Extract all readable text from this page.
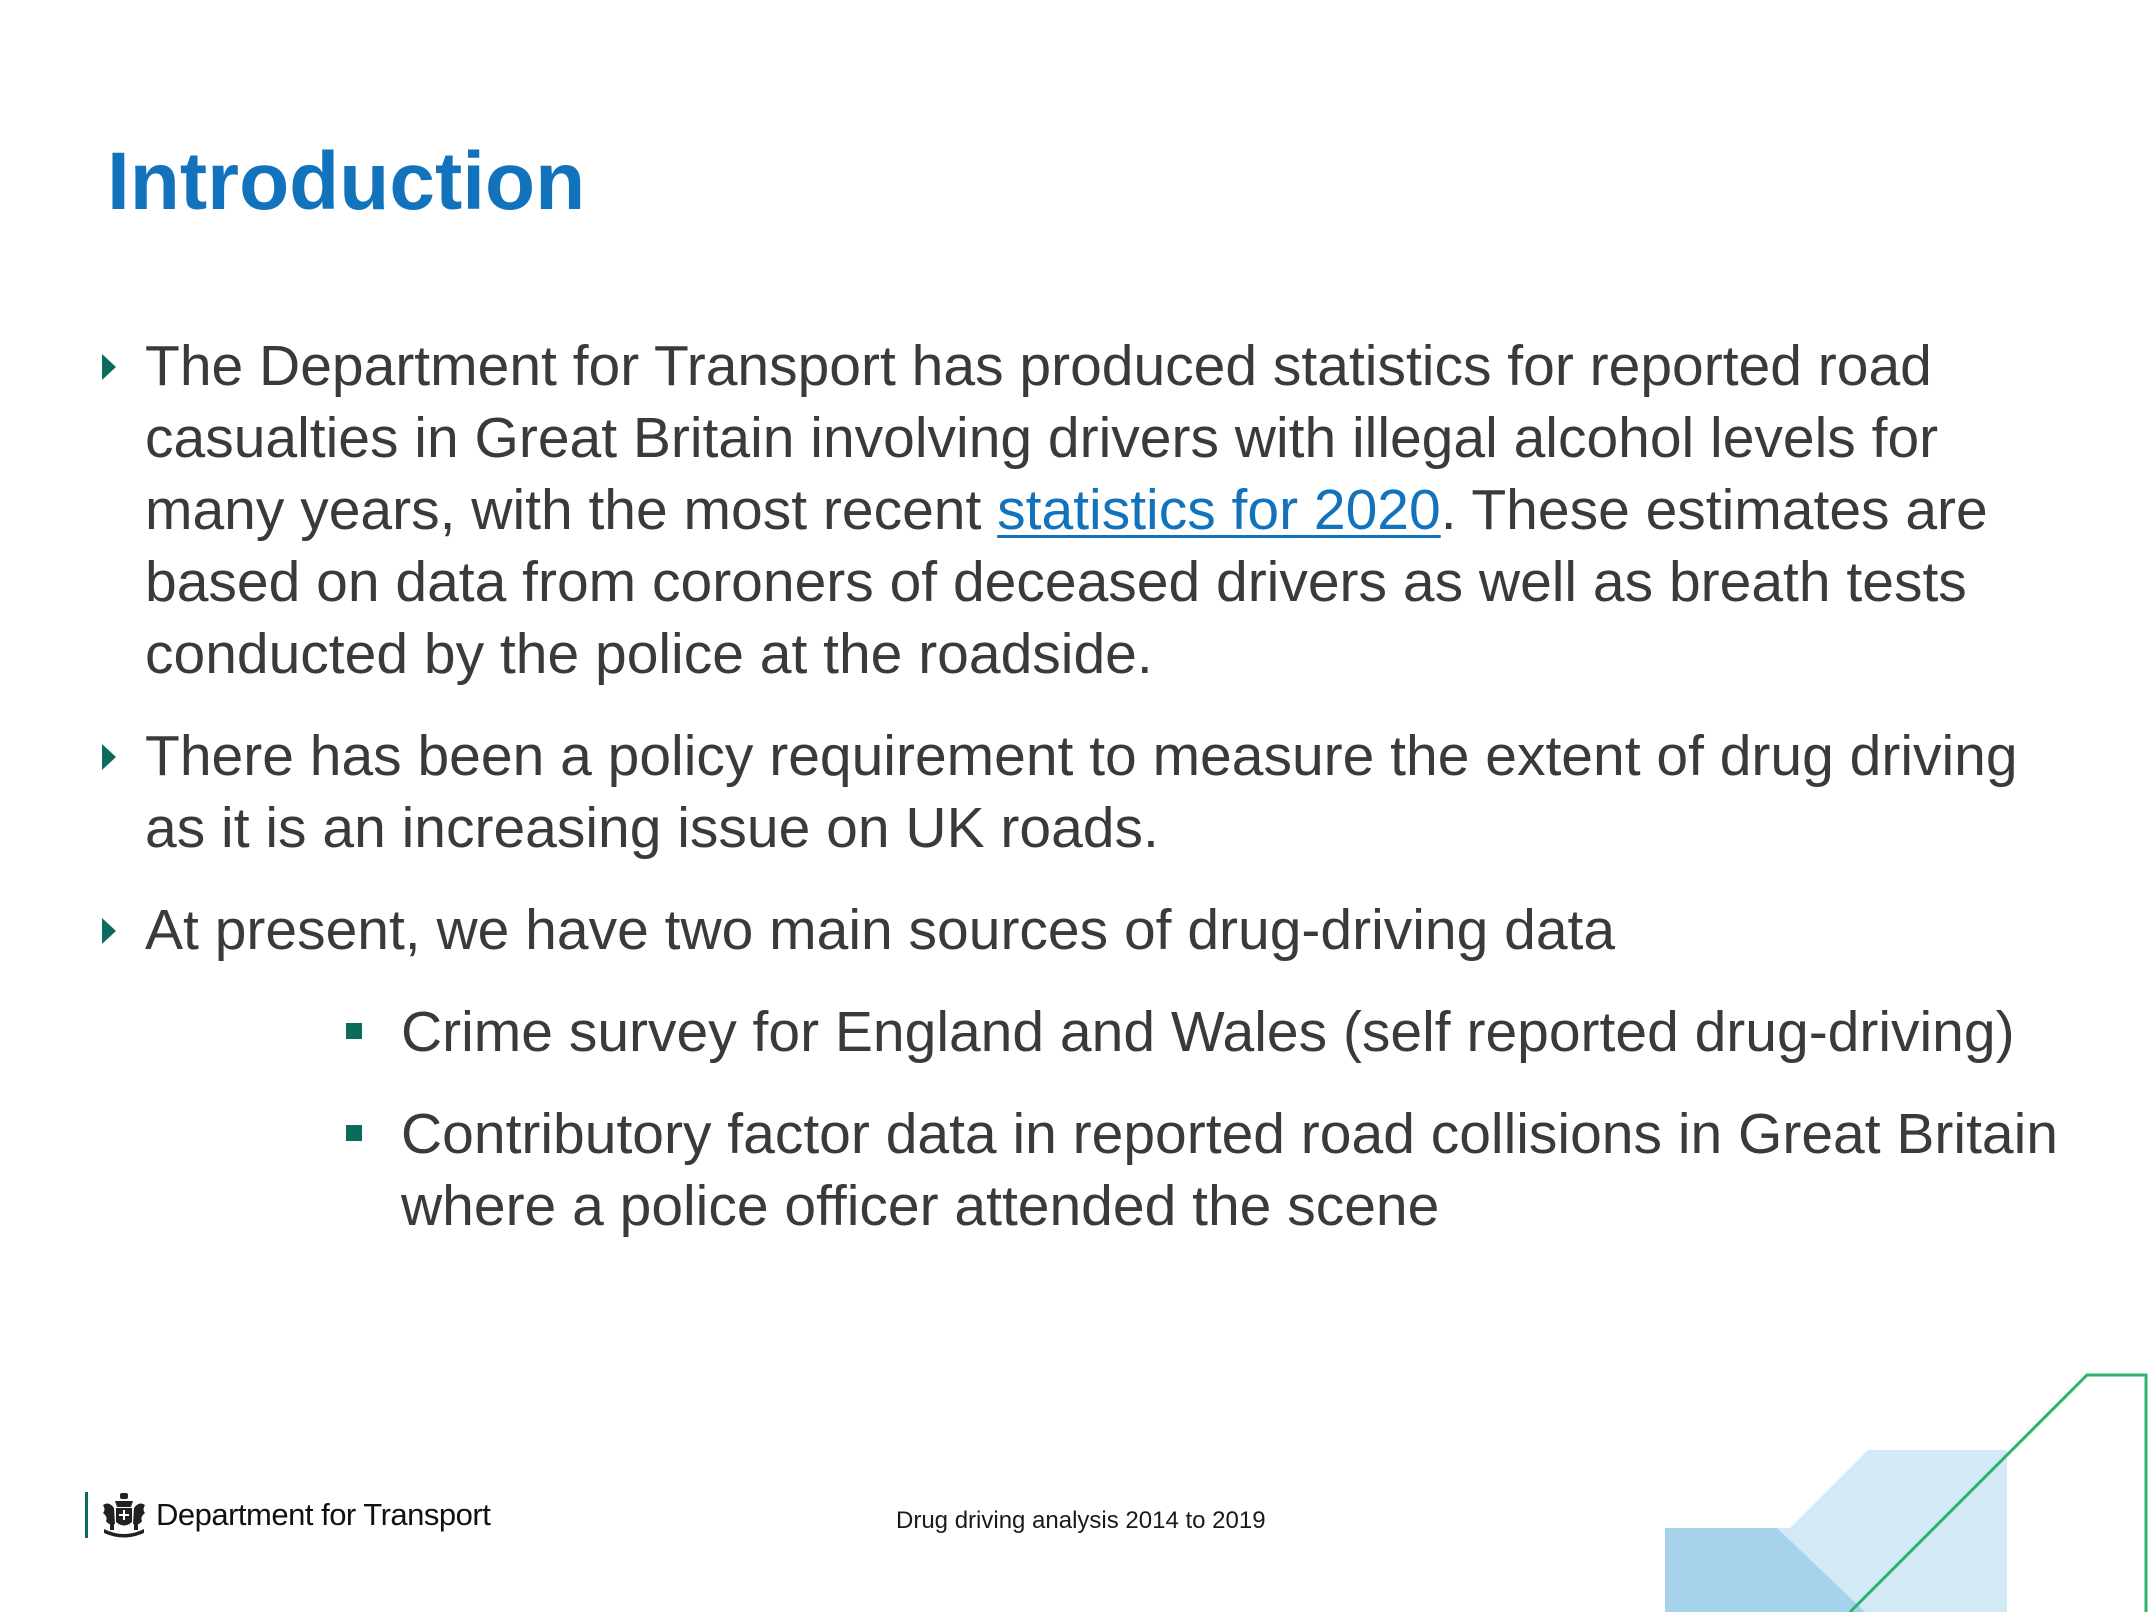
Introduction
The Department for Transport has produced statistics for reported road casualties in Great Britain involving drivers with illegal alcohol levels for many years, with the most recent statistics for 2020. These estimates are based on data from coroners of deceased drivers as well as breath tests conducted by the police at the roadside.
There has been a policy requirement to measure the extent of drug driving as it is an increasing issue on UK roads.
At present, we have two main sources of drug-driving data
Crime survey for England and Wales (self reported drug-driving)
Contributory factor data in reported road collisions in Great Britain where a police officer attended the scene
Department for Transport	Drug driving analysis 2014 to 2019
